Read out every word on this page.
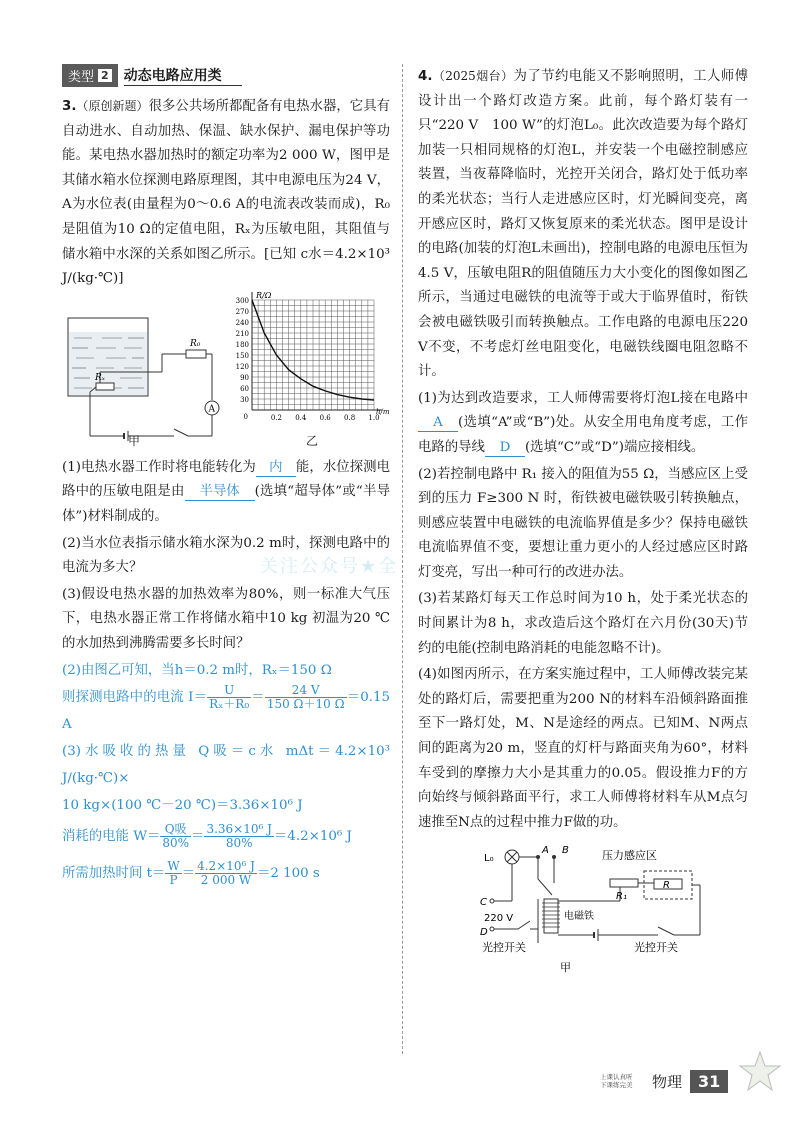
类型 2 动态电路应用类

3.（原创新题）很多公共场所都配备有电热水器，它具有自动进水、自动加热、保温、缺水保护、漏电保护等功能。某电热水器加热时的额定功率为2 000 W，图甲是其储水箱水位探测电路原理图，其中电源电压为24 V，A为水位表(由量程为0～0.6 A的电流表改装而成)，R₀是阻值为10 Ω的定值电阻，Rₓ为压敏电阻，其阻值与储水箱中水深的关系如图乙所示。[已知 c水＝4.2×10³ J/(kg·℃)]

Rₓ
R₀
A
甲
30
60
90
120
150
180
210
240
270
300
0.2 0.4 0.6 0.8 1.0
0
R/Ω
h/m
乙

(1)电热水器工作时将电能转化为 内 能，水位探测电路中的压敏电阻是由 半导体 (选填“超导体”或“半导体”)材料制成的。

(2)当水位表指示储水箱水深为0.2 m时，探测电路中的电流为多大？

(3)假设电热水器的加热效率为80%，则一标准大气压下，电热水器正常工作将储水箱中10 kg 初温为20 ℃的水加热到沸腾需要多长时间？

(2)由图乙可知，当h＝0.2 m时，Rₓ＝150 Ω

则探测电路中的电流 $I= \frac{U}{\text{Rₓ＋R₀}} = \frac{24 V}{150 \Omega+10 \Omega} =0.15$ A

(3)水吸收的热量 Q吸＝c水 mΔt＝4.2×10³ J/(kg·℃)×

10 kg×(100 ℃－20 ℃)＝3.36×10⁶ J

消耗的电能 $W= \frac{\text{Q吸}}{80\%} = \frac{\text{3.36×10⁶ J}}{80\%} =4.2\times 10^6$ J

所需加热时间 $t= \frac{W}{P} = \frac{\text{4.2×10⁶ J}}{2 000 W} =2$ 100 s

4.（2025烟台）为了节约电能又不影响照明，工人师傅设计出一个路灯改造方案。此前，每个路灯装有一只“220 V　100 W”的灯泡L₀。此次改造要为每个路灯加装一只相同规格的灯泡L，并安装一个电磁控制感应装置，当夜幕降临时，光控开关闭合，路灯处于低功率的柔光状态；当行人走进感应区时，灯光瞬间变亮，离开感应区时，路灯又恢复原来的柔光状态。图甲是设计的电路(加装的灯泡L未画出)，控制电路的电源电压恒为4.5 V，压敏电阻R的阻值随压力大小变化的图像如图乙所示，当通过电磁铁的电流等于或大于临界值时，衔铁会被电磁铁吸引而转换触点。工作电路的电源电压220 V不变，不考虑灯丝电阻变化，电磁铁线圈电阻忽略不计。

(1)为达到改造要求，工人师傅需要将灯泡L接在电路中A (选填“A”或“B”)处。从安全用电角度考虑，工作电路的导线 D (选填“C”或“D”)端应接相线。

(2)若控制电路中 R₁ 接入的阻值为55 Ω，当感应区上受到的压力 F≥300 N 时，衔铁被电磁铁吸引转换触点，则感应装置中电磁铁的电流临界值是多少？保持电磁铁电流临界值不变，要想让重力更小的人经过感应区时路灯变亮，写出一种可行的改进办法。

(3)若某路灯每天工作总时间为10 h，处于柔光状态的时间累计为8 h，求改造后这个路灯在六月份(30天)节约的电能(控制电路消耗的电能忽略不计)。

(4)如图丙所示，在方案实施过程中，工人师傅改装完某处的路灯后，需要把重为200 N的材料车沿倾斜路面推至下一路灯处，M、N是途经的两点。已知M、N两点间的距离为20 m，竖直的灯杆与路面夹角为60°，材料车受到的摩擦力大小是其重力的0.05。假设推力F的方向始终与倾斜路面平行，求工人师傅将材料车从M点匀速推至N点的过程中推力F做的功。

L₀
A B
电磁铁
R₁
R
压力感应区
光控开关
C
D
220 V
光控开关
甲
关注公众号★全
上课认真听
下课练完美	物理	31
